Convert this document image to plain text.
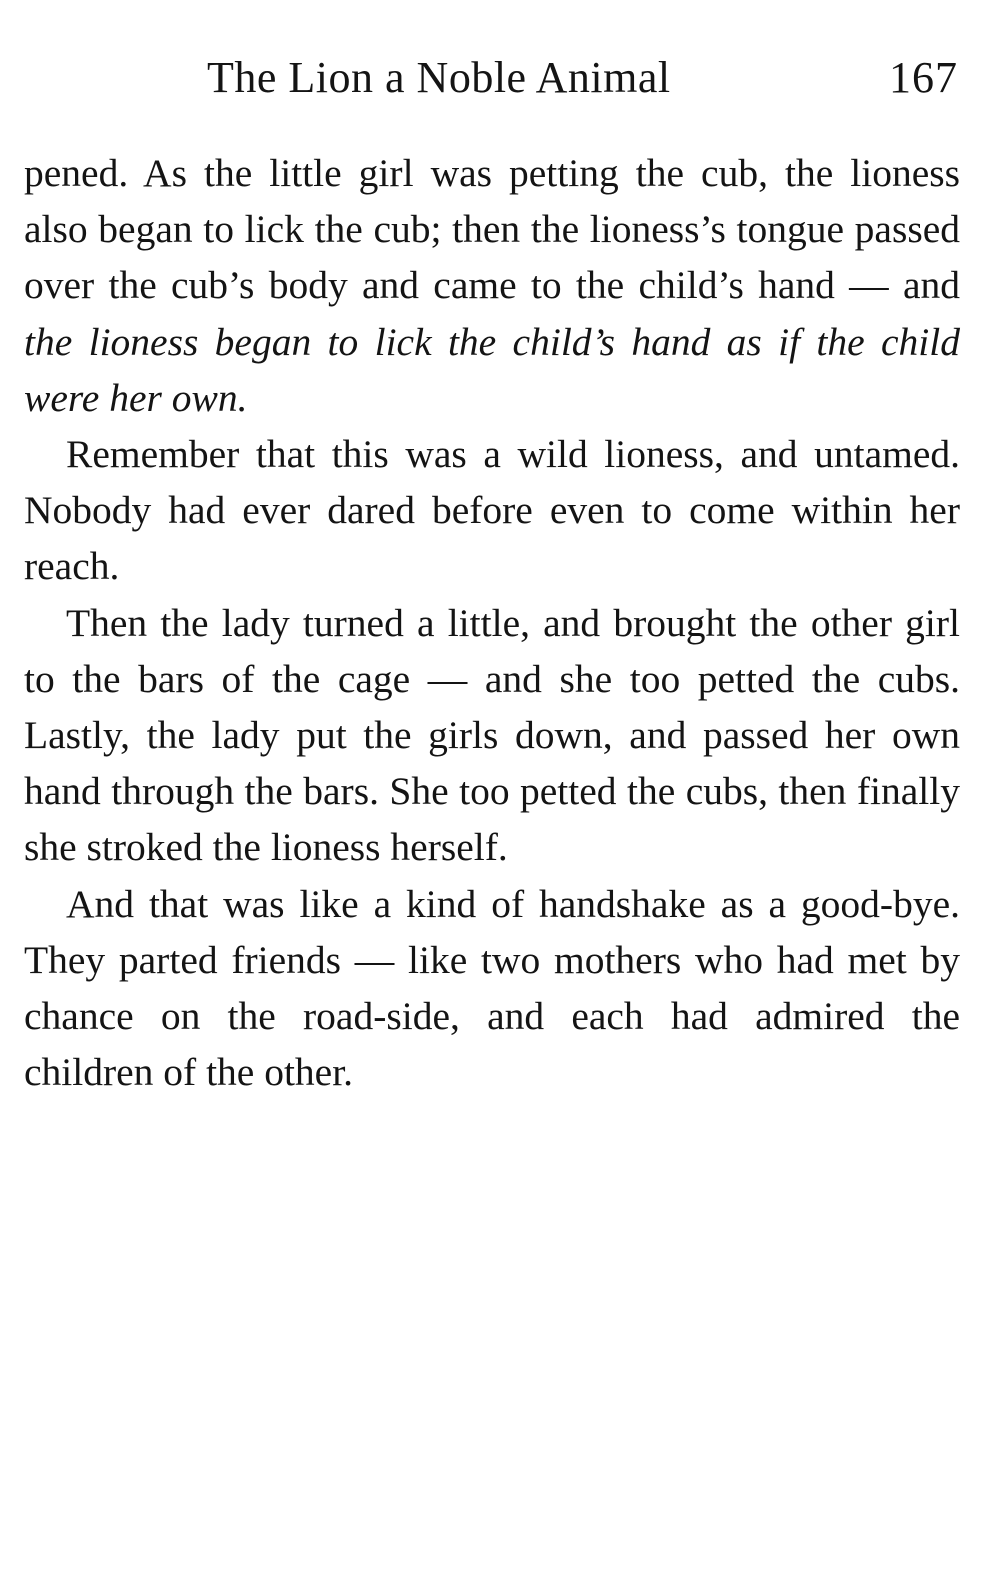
The Lion a Noble Animal	167

pened. As the little girl was petting the cub, the lioness also began to lick the cub; then the lioness’s tongue passed over the cub’s body and came to the child’s hand — and the lioness began to lick the child’s hand as if the child were her own.

Remember that this was a wild lioness, and untamed. Nobody had ever dared before even to come within her reach.

Then the lady turned a little, and brought the other girl to the bars of the cage — and she too petted the cubs. Lastly, the lady put the girls down, and passed her own hand through the bars. She too petted the cubs, then finally she stroked the lioness herself.

And that was like a kind of handshake as a good-bye. They parted friends — like two mothers who had met by chance on the road-side, and each had admired the children of the other.
